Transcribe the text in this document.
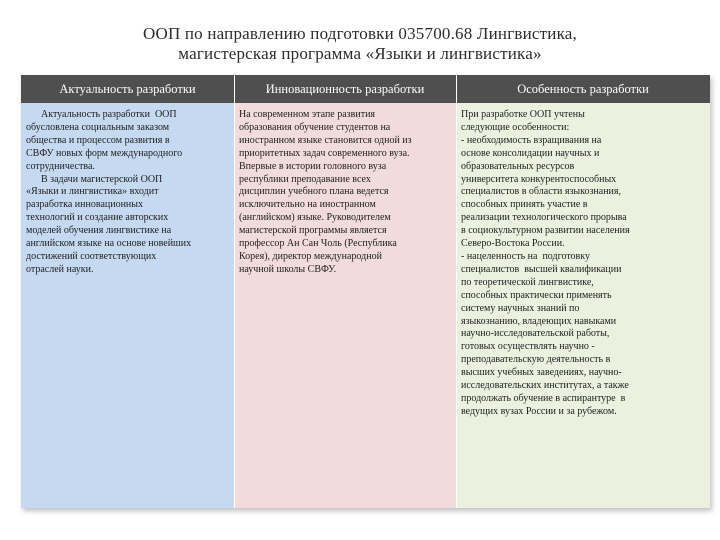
ООП по направлению подготовки 035700.68 Лингвистика,
магистерская программа «Языки и лингвистика»
Актуальность разработки	Инновационность разработки	Особенность разработки

Актуальность разработки  ООП

обусловлена социальным заказом

общества и процессом развития в

СВФУ новых форм международного

сотрудничества.

В задачи магистерской ООП

«Языки и лингвистика» входит

разработка инновационных

технологий и создание авторских

моделей обучения лингвистике на

английском языке на основе новейших

достижений соответствующих

отраслей науки.

На современном этапе развития

образования обучение студентов на

иностранном языке становится одной из

приоритетных задач современного вуза.

Впервые в истории головного вуза

республики преподавание всех

дисциплин учебного плана ведется

исключительно на иностранном

(английском) языке. Руководителем

магистерской программы является

профессор Ан Сан Чоль (Республика

Корея), директор международной

научной школы СВФУ.

При разработке ООП учтены

следующие особенности:

- необходимость взращивания на

основе консолидации научных и

образовательных ресурсов

университета конкурентоспособных

специалистов в области языкознания,

способных принять участие в

реализации технологического прорыва

в социокультурном развитии населения

Северо-Востока России.

- нацеленность на  подготовку

специалистов  высшей квалификации

по теоретической лингвистике,

способных практически применять

систему научных знаний по

языкознанию, владеющих навыками

научно-исследовательской работы,

готовых осуществлять научно -

преподавательскую деятельность в

высших учебных заведениях, научно-

исследовательских институтах, а также

продолжать обучение в аспирантуре  в

ведущих вузах России и за рубежом.
